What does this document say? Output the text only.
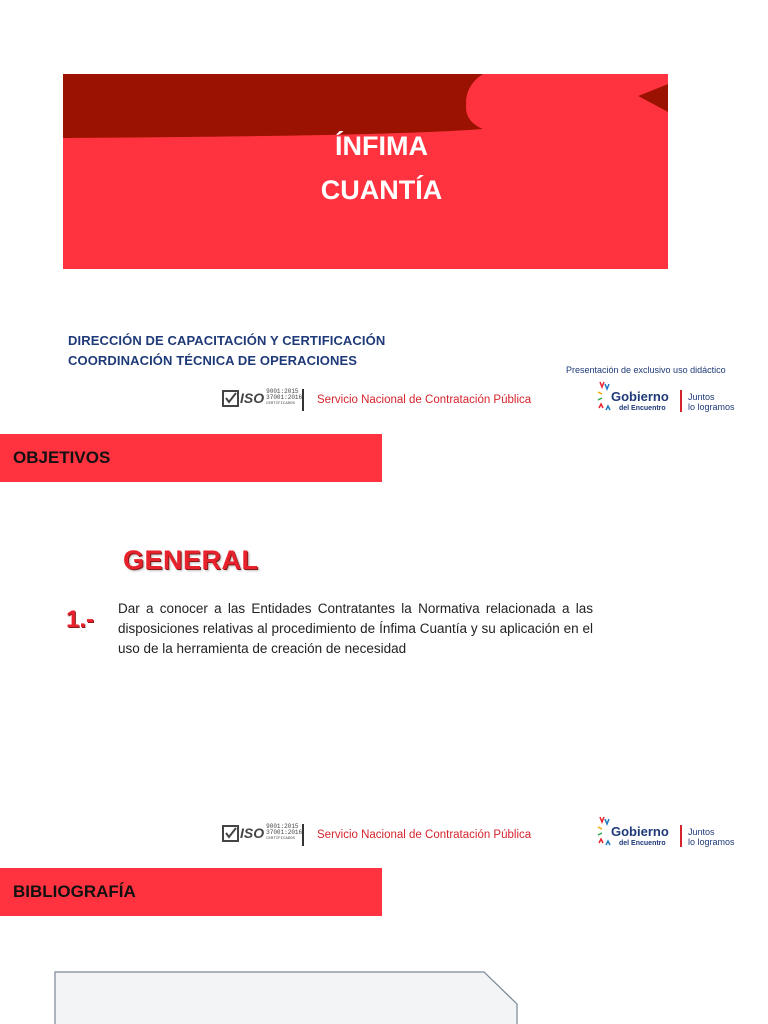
ÍNFIMA
CUANTÍA
DIRECCIÓN DE CAPACITACIÓN Y CERTIFICACIÓN
COORDINACIÓN TÉCNICA DE OPERACIONES
Presentación de exclusivo uso didáctico
ISO 9001:2015 37001:2016
CERTIFICADOS Servicio Nacional de Contratación Pública	Gobierno
del Encuentro
Juntos
lo logramos
OBJETIVOS
GENERAL
1.- Dar a conocer a las Entidades Contratantes la Normativa relacionada a las disposiciones relativas al procedimiento de Ínfima Cuantía y su aplicación en el uso de la herramienta de creación de necesidad
ISO 9001:2015 37001:2016
CERTIFICADOS Servicio Nacional de Contratación Pública	Gobierno
del Encuentro
Juntos
lo logramos
BIBLIOGRAFÍA
